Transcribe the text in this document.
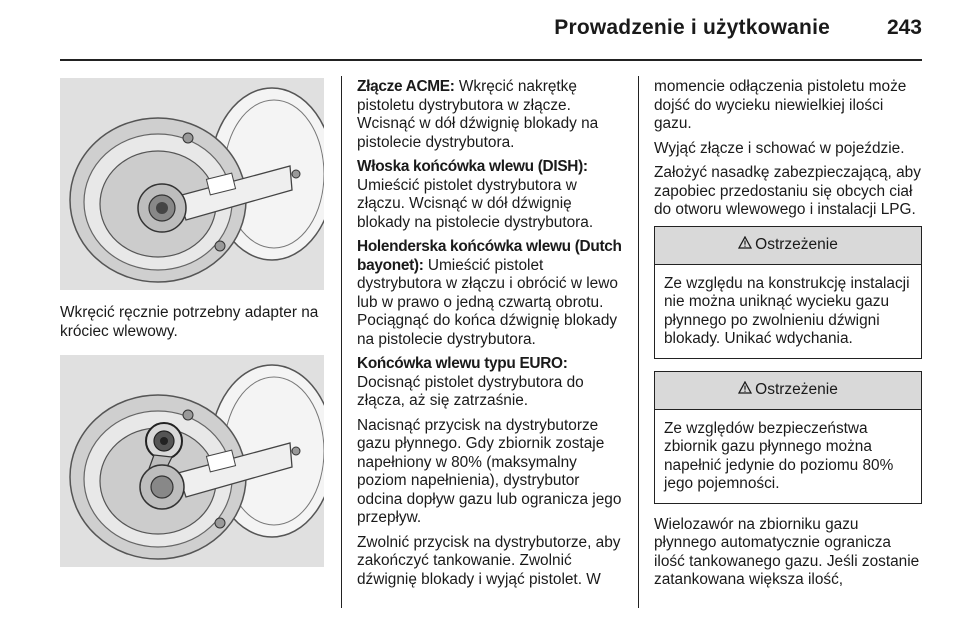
Prowadzenie i użytkowanie	243

Wkręcić ręcznie potrzebny adapter na króciec wlewowy.

Złącze ACME: Wkręcić nakrętkę pistoletu dystrybutora w złącze. Wcisnąć w dół dźwignię blokady na pistolecie dystrybutora.

Włoska końcówka wlewu (DISH): Umieścić pistolet dystrybutora w złączu. Wcisnąć w dół dźwignię blokady na pistolecie dystrybutora.

Holenderska końcówka wlewu (Dutch bayonet): Umieścić pistolet dystrybutora w złączu i obrócić w lewo lub w prawo o jedną czwartą obrotu. Pociągnąć do końca dźwignię blokady na pistolecie dystrybutora.

Końcówka wlewu typu EURO: Docisnąć pistolet dystrybutora do złącza, aż się zatrzaśnie.

Nacisnąć przycisk na dystrybutorze gazu płynnego. Gdy zbiornik zostaje napełniony w 80% (maksymalny poziom napełnienia), dystrybutor odcina dopływ gazu lub ogranicza jego przepływ.

Zwolnić przycisk na dystrybutorze, aby zakończyć tankowanie. Zwolnić dźwignię blokady i wyjąć pistolet. W

momencie odłączenia pistoletu może dojść do wycieku niewielkiej ilości gazu.

Wyjąć złącze i schować w pojeździe.

Założyć nasadkę zabezpieczającą, aby zapobiec przedostaniu się obcych ciał do otworu wlewowego i instalacji LPG.

Ostrzeżenie
Ze względu na konstrukcję instalacji nie można uniknąć wycieku gazu płynnego po zwolnieniu dźwigni blokady. Unikać wdychania.
Ostrzeżenie
Ze względów bezpieczeństwa zbiornik gazu płynnego można napełnić jedynie do poziomu 80% jego pojemności.

Wielozawór na zbiorniku gazu płynnego automatycznie ogranicza ilość tankowanego gazu. Jeśli zostanie zatankowana większa ilość,
